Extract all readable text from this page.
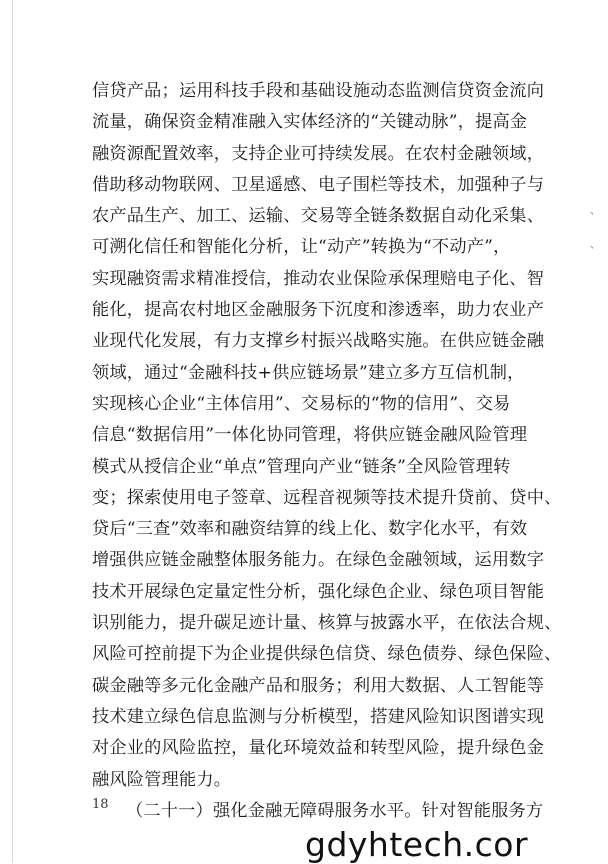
信贷产品；运用科技手段和基础设施动态监测信贷资金流向
流量，确保资金精准融入实体经济的“关键动脉”，提高金
融资源配置效率，支持企业可持续发展。在农村金融领域，
借助移动物联网、卫星遥感、电子围栏等技术，加强种子与
农产品生产、加工、运输、交易等全链条数据自动化采集、
可溯化信任和智能化分析，让“动产”转换为“不动产”，
实现融资需求精准授信，推动农业保险承保理赔电子化、智
能化，提高农村地区金融服务下沉度和渗透率，助力农业产
业现代化发展，有力支撑乡村振兴战略实施。在供应链金融
领域，通过“金融科技+供应链场景”建立多方互信机制，
实现核心企业“主体信用”、交易标的“物的信用”、交易
信息“数据信用”一体化协同管理，将供应链金融风险管理
模式从授信企业“单点”管理向产业“链条”全风险管理转
变；探索使用电子签章、远程音视频等技术提升贷前、贷中、
贷后“三查”效率和融资结算的线上化、数字化水平，有效
增强供应链金融整体服务能力。在绿色金融领域，运用数字
技术开展绿色定量定性分析，强化绿色企业、绿色项目智能
识别能力，提升碳足迹计量、核算与披露水平，在依法合规、
风险可控前提下为企业提供绿色信贷、绿色债券、绿色保险、
碳金融等多元化金融产品和服务；利用大数据、人工智能等
技术建立绿色信息监测与分析模型，搭建风险知识图谱实现
对企业的风险监控，量化环境效益和转型风险，提升绿色金
融风险管理能力。
（二十一）强化金融无障碍服务水平。针对智能服务方
、
、
18
gdyhtech.cor
